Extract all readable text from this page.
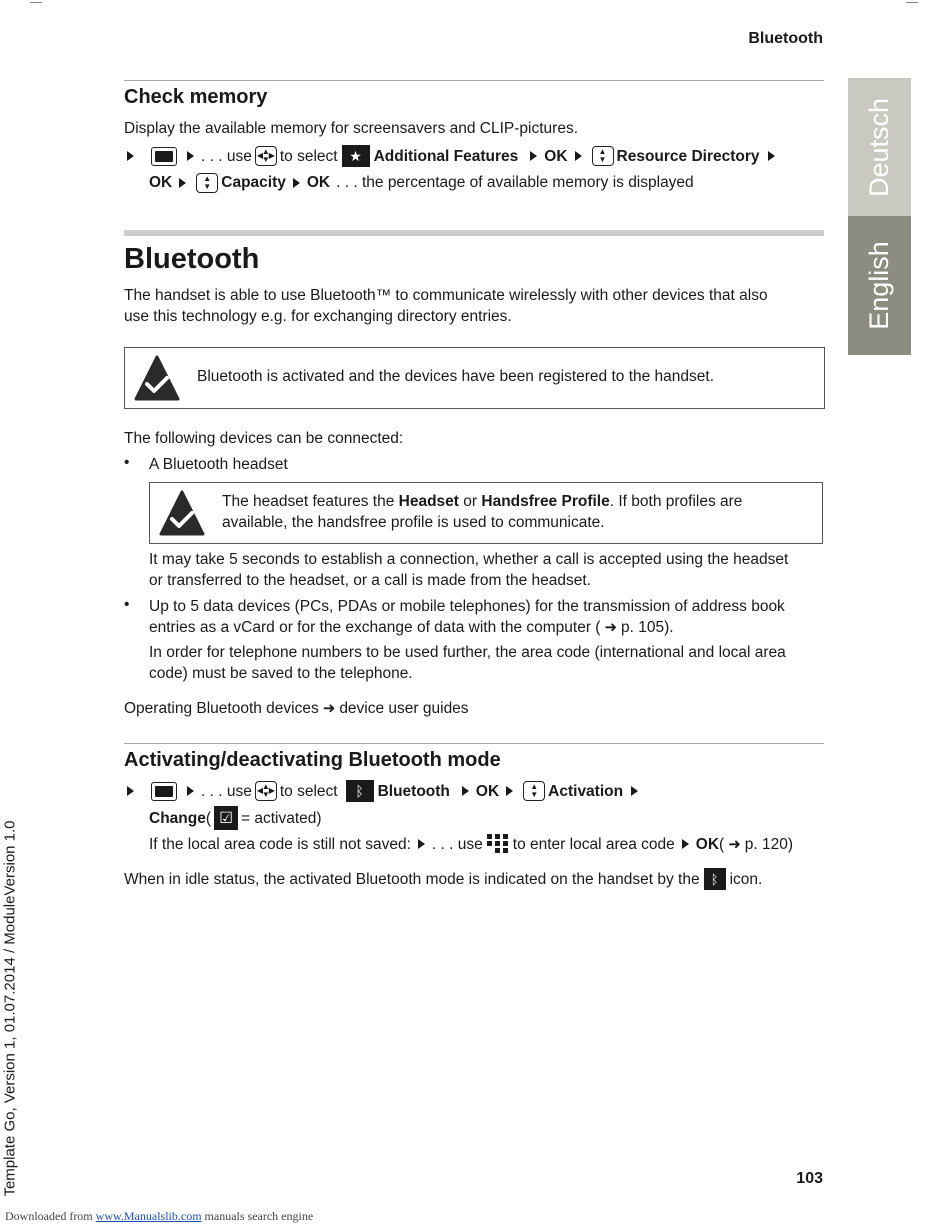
Bluetooth
Check memory
Display the available memory for screensavers and CLIP-pictures.
. . . use	▲
▼
◀ ▶ to select ★ Additional Features OK	▲
▼ Resource Directory
OK	▲
▼ Capacity OK . . . the percentage of available memory is displayed
Bluetooth
The handset is able to use Bluetooth™ to communicate wirelessly with other devices that also
use this technology e.g. for exchanging directory entries.
Bluetooth is activated and the devices have been registered to the handset.
The following devices can be connected:
• A Bluetooth headset
The headset features the Headset or Handsfree Profile. If both profiles are
available, the handsfree profile is used to communicate.
It may take 5 seconds to establish a connection, whether a call is accepted using the headset
or transferred to the headset, or a call is made from the headset.
• Up to 5 data devices (PCs, PDAs or mobile telephones) for the transmission of address book
entries as a vCard or for the exchange of data with the computer ( ➜ p. 105).
In order for telephone numbers to be used further, the area code (international and local area
code) must be saved to the telephone.
Operating Bluetooth devices ➜ device user guides
Activating/deactivating Bluetooth mode
. . . use	▲
▼
◀ ▶ to select	ᛒ Bluetooth OK	▲
▼ Activation
Change ( ☑ = activated)
If the local area code is still not saved: . . . use to enter local area code OK ( ➜ p. 120)
When in idle status, the activated Bluetooth mode is indicated on the handset by the ᛒ icon.
Deutsch
English
Template Go, Version 1, 01.07.2014 / ModuleVersion 1.0	103
Downloaded from www.Manualslib.com manuals search engine
